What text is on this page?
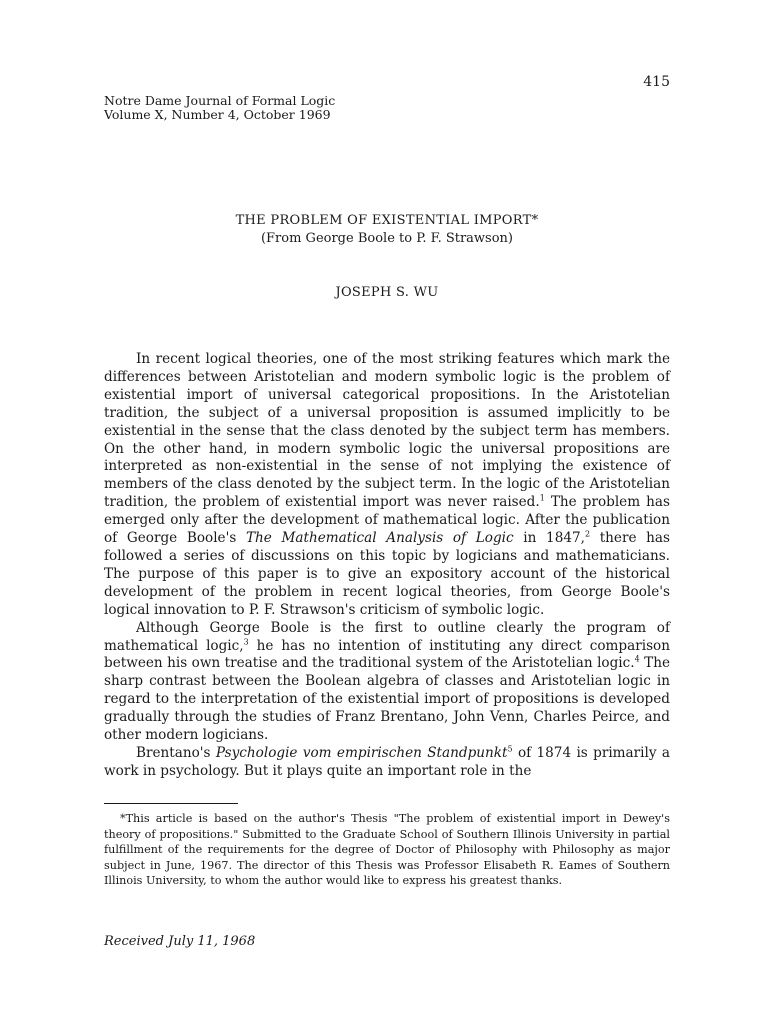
415
Notre Dame Journal of Formal Logic
Volume X, Number 4, October 1969
THE PROBLEM OF EXISTENTIAL IMPORT*
(From George Boole to P. F. Strawson)
JOSEPH S. WU

In recent logical theories, one of the most striking features which mark the differences between Aristotelian and modern symbolic logic is the problem of existential import of universal categorical propositions. In the Aristotelian tradition, the subject of a universal proposition is assumed implicitly to be existential in the sense that the class denoted by the subject term has members. On the other hand, in modern symbolic logic the universal propositions are interpreted as non-existential in the sense of not implying the existence of members of the class denoted by the subject term. In the logic of the Aristotelian tradition, the problem of existential import was never raised.$^1$ The problem has emerged only after the development of mathematical logic. After the publication of George Boole's The Mathematical Analysis of Logic in 1847,$^2$ there has followed a series of discussions on this topic by logicians and mathematicians. The purpose of this paper is to give an expository account of the historical development of the problem in recent logical theories, from George Boole's logical innovation to P. F. Strawson's criticism of symbolic logic.

Although George Boole is the first to outline clearly the program of mathematical logic,$^3$ he has no intention of instituting any direct comparison between his own treatise and the traditional system of the Aristotelian logic.$^4$ The sharp contrast between the Boolean algebra of classes and Aristotelian logic in regard to the interpretation of the existential import of propositions is developed gradually through the studies of Franz Brentano, John Venn, Charles Peirce, and other modern logicians.

Brentano's Psychologie vom empirischen Standpunkt$^5$ of 1874 is primarily a work in psychology. But it plays quite an important role in the

*This article is based on the author's Thesis "The problem of existential import in Dewey's theory of propositions." Submitted to the Graduate School of Southern Illinois University in partial fulfillment of the requirements for the degree of Doctor of Philosophy with Philosophy as major subject in June, 1967. The director of this Thesis was Professor Elisabeth R. Eames of Southern Illinois University, to whom the author would like to express his greatest thanks.

Received July 11, 1968
